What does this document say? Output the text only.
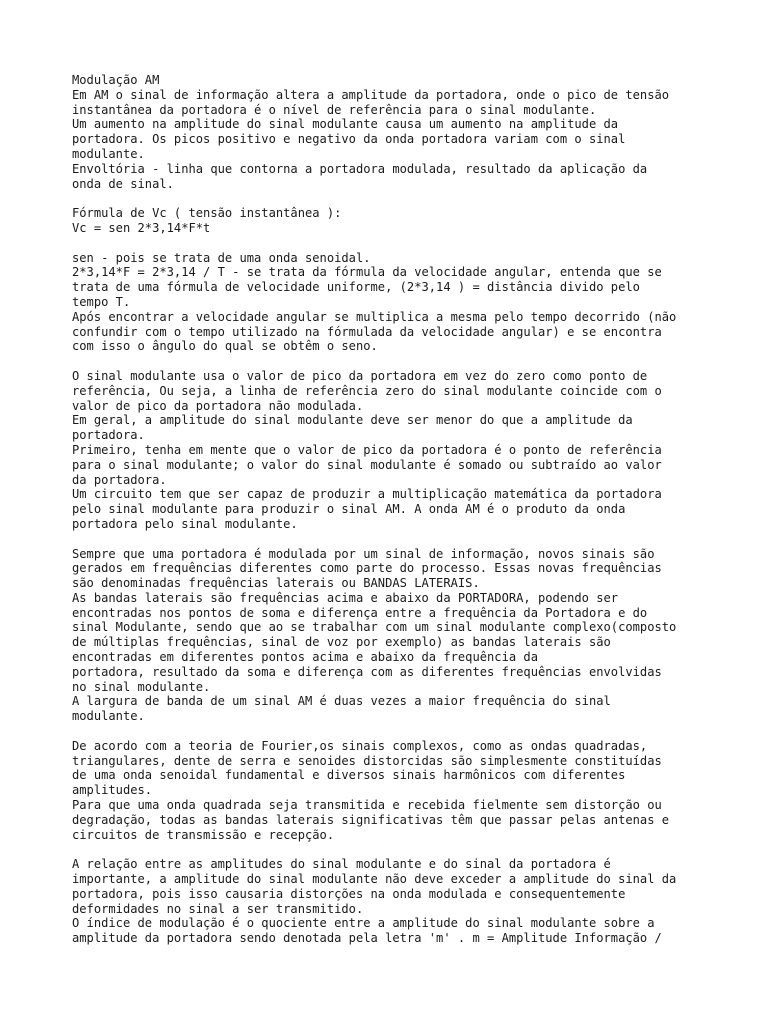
Modulação AM
Em AM o sinal de informação altera a amplitude da portadora, onde o pico de tensão
instantânea da portadora é o nível de referência para o sinal modulante.
Um aumento na amplitude do sinal modulante causa um aumento na amplitude da
portadora. Os picos positivo e negativo da onda portadora variam com o sinal
modulante.
Envoltória - linha que contorna a portadora modulada, resultado da aplicação da
onda de sinal.
Fórmula de Vc ( tensão instantânea ):
Vc = sen 2*3,14*F*t
sen - pois se trata de uma onda senoidal.
2*3,14*F = 2*3,14 / T - se trata da fórmula da velocidade angular, entenda que se
trata de uma fórmula de velocidade uniforme, (2*3,14 ) = distância divido pelo
tempo T.
Após encontrar a velocidade angular se multiplica a mesma pelo tempo decorrido (não
confundir com o tempo utilizado na fórmulada da velocidade angular) e se encontra
com isso o ângulo do qual se obtêm o seno.
O sinal modulante usa o valor de pico da portadora em vez do zero como ponto de
referência, Ou seja, a linha de referência zero do sinal modulante coincide com o
valor de pico da portadora não modulada.
Em geral, a amplitude do sinal modulante deve ser menor do que a amplitude da
portadora.
Primeiro, tenha em mente que o valor de pico da portadora é o ponto de referência
para o sinal modulante; o valor do sinal modulante é somado ou subtraído ao valor
da portadora.
Um circuito tem que ser capaz de produzir a multiplicação matemática da portadora
pelo sinal modulante para produzir o sinal AM. A onda AM é o produto da onda
portadora pelo sinal modulante.
Sempre que uma portadora é modulada por um sinal de informação, novos sinais são
gerados em frequências diferentes como parte do processo. Essas novas frequências
são denominadas frequências laterais ou BANDAS LATERAIS.
As bandas laterais são frequências acima e abaixo da PORTADORA, podendo ser
encontradas nos pontos de soma e diferença entre a frequência da Portadora e do
sinal Modulante, sendo que ao se trabalhar com um sinal modulante complexo(composto
de múltiplas frequências, sinal de voz por exemplo) as bandas laterais são
encontradas em diferentes pontos acima e abaixo da frequência da
portadora, resultado da soma e diferença com as diferentes frequências envolvidas
no sinal modulante.
A largura de banda de um sinal AM é duas vezes a maior frequência do sinal
modulante.
De acordo com a teoria de Fourier,os sinais complexos, como as ondas quadradas,
triangulares, dente de serra e senoides distorcidas são simplesmente constituídas
de uma onda senoidal fundamental e diversos sinais harmônicos com diferentes
amplitudes.
Para que uma onda quadrada seja transmitida e recebida fielmente sem distorção ou
degradação, todas as bandas laterais significativas têm que passar pelas antenas e
circuitos de transmissão e recepção.
A relação entre as amplitudes do sinal modulante e do sinal da portadora é
importante, a amplitude do sinal modulante não deve exceder a amplitude do sinal da
portadora, pois isso causaria distorções na onda modulada e consequentemente
deformidades no sinal a ser transmitido.
O índice de modulação é o quociente entre a amplitude do sinal modulante sobre a
amplitude da portadora sendo denotada pela letra 'm' . m = Amplitude Informação /
